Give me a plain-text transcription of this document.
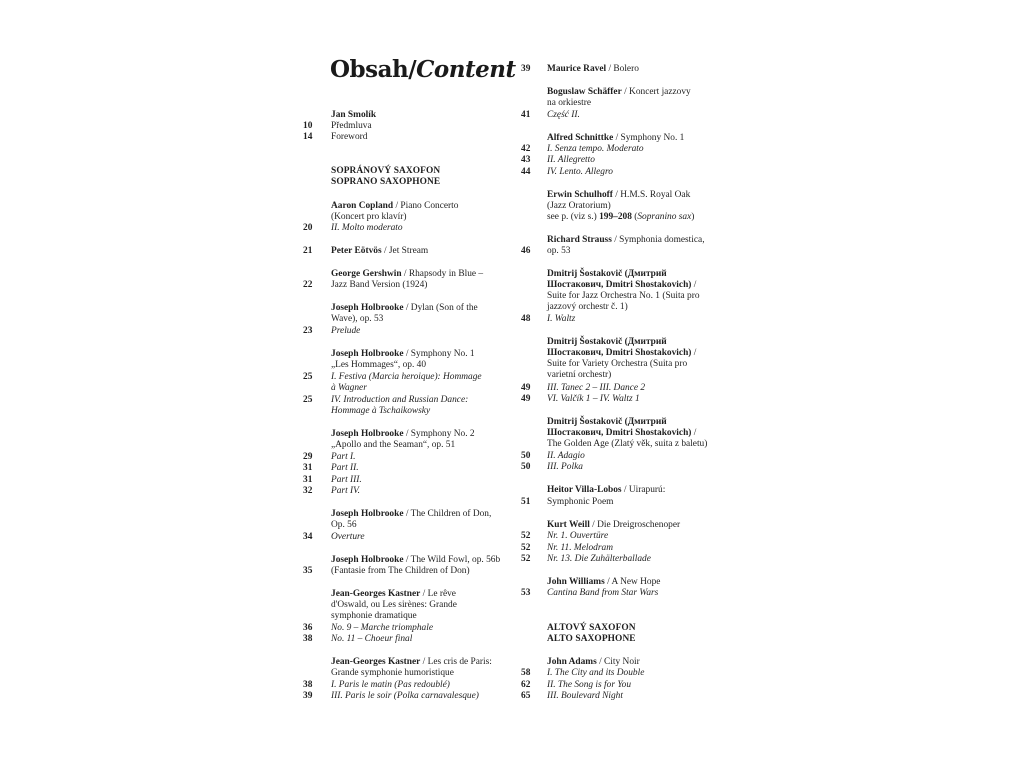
Obsah/Content
Jan Smolík
10	Předmluva
14	Foreword
SOPRÁNOVÝ SAXOFON
SOPRANO SAXOPHONE
Aaron Copland / Piano Concerto
(Koncert pro klavír)
20	II. Molto moderato
21	Peter Eötvös / Jet Stream
George Gershwin / Rhapsody in Blue –
22	Jazz Band Version (1924)
Joseph Holbrooke / Dylan (Son of the
Wave), op. 53
23	Prelude
Joseph Holbrooke / Symphony No. 1
„Les Hommages“, op. 40
25	I. Festiva (Marcia heroique): Hommage
à Wagner
25	IV. Introduction and Russian Dance:
Hommage à Tschaikowsky
Joseph Holbrooke / Symphony No. 2
„Apollo and the Seaman“, op. 51
29	Part I.
31	Part II.
31	Part III.
32	Part IV.
Joseph Holbrooke / The Children of Don,
Op. 56
34	Overture
Joseph Holbrooke / The Wild Fowl, op. 56b
35	(Fantasie from The Children of Don)
Jean-Georges Kastner / Le rêve
d'Oswald, ou Les sirènes: Grande
symphonie dramatique
36	No. 9 – Marche triomphale
38	No. 11 – Choeur final
Jean-Georges Kastner / Les cris de Paris:
Grande symphonie humoristique
38	I. Paris le matin (Pas redoublé)
39	III. Paris le soir (Polka carnavalesque)
39	Maurice Ravel / Bolero
Boguslaw Schäffer / Koncert jazzovy
na orkiestre
41	Część II.
Alfred Schnittke / Symphony No. 1
42	I. Senza tempo. Moderato
43	II. Allegretto
44	IV. Lento. Allegro
Erwin Schulhoff / H.M.S. Royal Oak
(Jazz Oratorium)
see p. (viz s.) 199–208 (Sopranino sax)
Richard Strauss / Symphonia domestica,
46	op. 53
Dmitrij Šostakovič (Дмитрий
Шостакович, Dmitri Shostakovich) /
Suite for Jazz Orchestra No. 1 (Suita pro
jazzový orchestr č. 1)
48	I. Waltz
Dmitrij Šostakovič (Дмитрий
Шостакович, Dmitri Shostakovich) /
Suite for Variety Orchestra (Suita pro
varietní orchestr)
49	III. Tanec 2 – III. Dance 2
49	VI. Valčík 1 – IV. Waltz 1
Dmitrij Šostakovič (Дмитрий
Шостакович, Dmitri Shostakovich) /
The Golden Age (Zlatý věk, suita z baletu)
50	II. Adagio
50	III. Polka
Heitor Villa-Lobos / Uirapurú:
51	Symphonic Poem
Kurt Weill / Die Dreigroschenoper
52	Nr. 1. Ouvertüre
52	Nr. 11. Melodram
52	Nr. 13. Die Zuhälterballade
John Williams / A New Hope
53	Cantina Band from Star Wars
ALTOVÝ SAXOFON
ALTO SAXOPHONE
John Adams / City Noir
58	I. The City and its Double
62	II. The Song is for You
65	III. Boulevard Night
